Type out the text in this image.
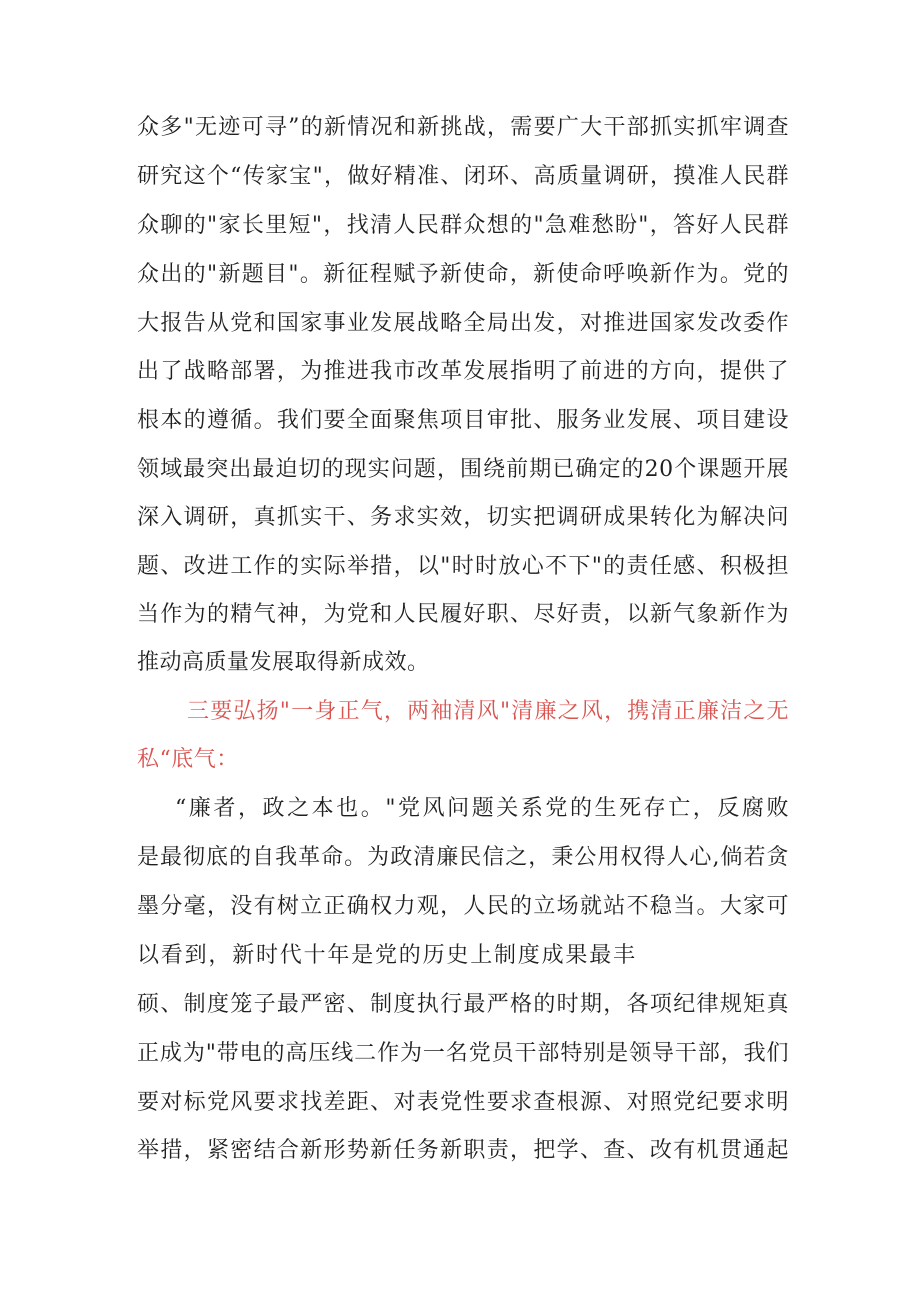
众多"无迹可寻”的新情况和新挑战，需要广大干部抓实抓牢调查
研究这个“传家宝"，做好精准、闭环、高质量调研，摸准人民群
众聊的"家长里短"，找清人民群众想的"急难愁盼"，答好人民群
众出的"新题目"。新征程赋予新使命，新使命呼唤新作为。党的
大报告从党和国家事业发展战略全局出发，对推进国家发改委作
出了战略部署，为推进我市改革发展指明了前进的方向，提供了
根本的遵循。我们要全面聚焦项目审批、服务业发展、项目建设
领域最突出最迫切的现实问题，围绕前期已确定的20个课题开展
深入调研，真抓实干、务求实效，切实把调研成果转化为解决问
题、改进工作的实际举措，以"时时放心不下"的责任感、积极担
当作为的精气神，为党和人民履好职、尽好责，以新气象新作为
推动高质量发展取得新成效。
三要弘扬"一身正气，两袖清风"清廉之风，携清正廉洁之无
私“底气：
“廉者，政之本也。"党风问题关系党的生死存亡，反腐败
是最彻底的自我革命。为政清廉民信之，秉公用权得人心,倘若贪
墨分毫，没有树立正确权力观，人民的立场就站不稳当。大家可
以看到，新时代十年是党的历史上制度成果最丰
硕、制度笼子最严密、制度执行最严格的时期，各项纪律规矩真
正成为"带电的高压线二作为一名党员干部特别是领导干部，我们
要对标党风要求找差距、对表党性要求查根源、对照党纪要求明
举措，紧密结合新形势新任务新职责，把学、查、改有机贯通起
